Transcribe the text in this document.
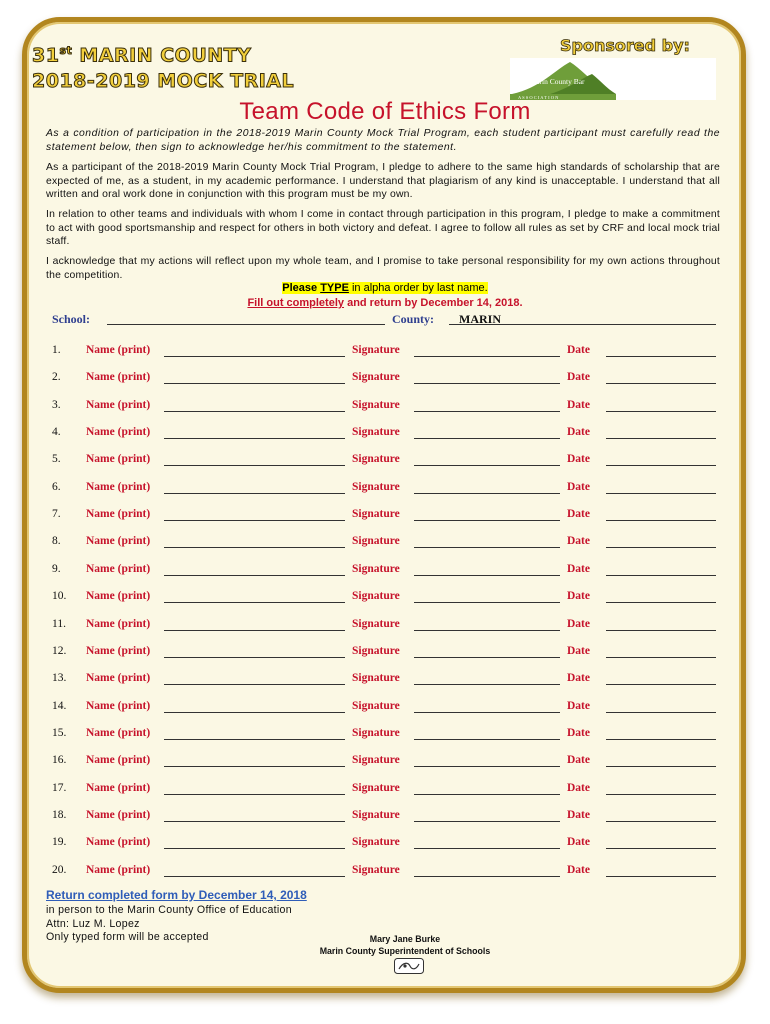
31st MARIN COUNTY
2018-2019 MOCK TRIAL
Sponsored by:
The Marin County Bar
A S S O C I A T I O N
Team Code of Ethics Form
As a condition of participation in the 2018-2019 Marin County Mock Trial Program, each student participant must carefully read the statement below, then sign to acknowledge her/his commitment to the statement.
As a participant of the 2018-2019 Marin County Mock Trial Program, I pledge to adhere to the same high standards of scholarship that are expected of me, as a student, in my academic performance. I understand that plagiarism of any kind is unacceptable. I understand that all written and oral work done in conjunction with this program must be my own.
In relation to other teams and individuals with whom I come in contact through participation in this program, I pledge to make a commitment to act with good sportsmanship and respect for others in both victory and defeat. I agree to follow all rules as set by CRF and local mock trial staff.
I acknowledge that my actions will reflect upon my whole team, and I promise to take personal responsibility for my own actions throughout the competition.
Please TYPE in alpha order by last name.
Fill out completely and return by December 14, 2018.
School:	County: MARIN
1. Name (print)	Signature	Date
2. Name (print)	Signature	Date
3. Name (print)	Signature	Date
4. Name (print)	Signature	Date
5. Name (print)	Signature	Date
6. Name (print)	Signature	Date
7. Name (print)	Signature	Date
8. Name (print)	Signature	Date
9. Name (print)	Signature	Date
10. Name (print)	Signature	Date
11. Name (print)	Signature	Date
12. Name (print)	Signature	Date
13. Name (print)	Signature	Date
14. Name (print)	Signature	Date
15. Name (print)	Signature	Date
16. Name (print)	Signature	Date
17. Name (print)	Signature	Date
18. Name (print)	Signature	Date
19. Name (print)	Signature	Date
20. Name (print)	Signature	Date
Return completed form by December 14, 2018
in person to the Marin County Office of Education
Attn: Luz M. Lopez
Only typed form will be accepted	Mary Jane Burke
Marin County Superintendent of Schools
